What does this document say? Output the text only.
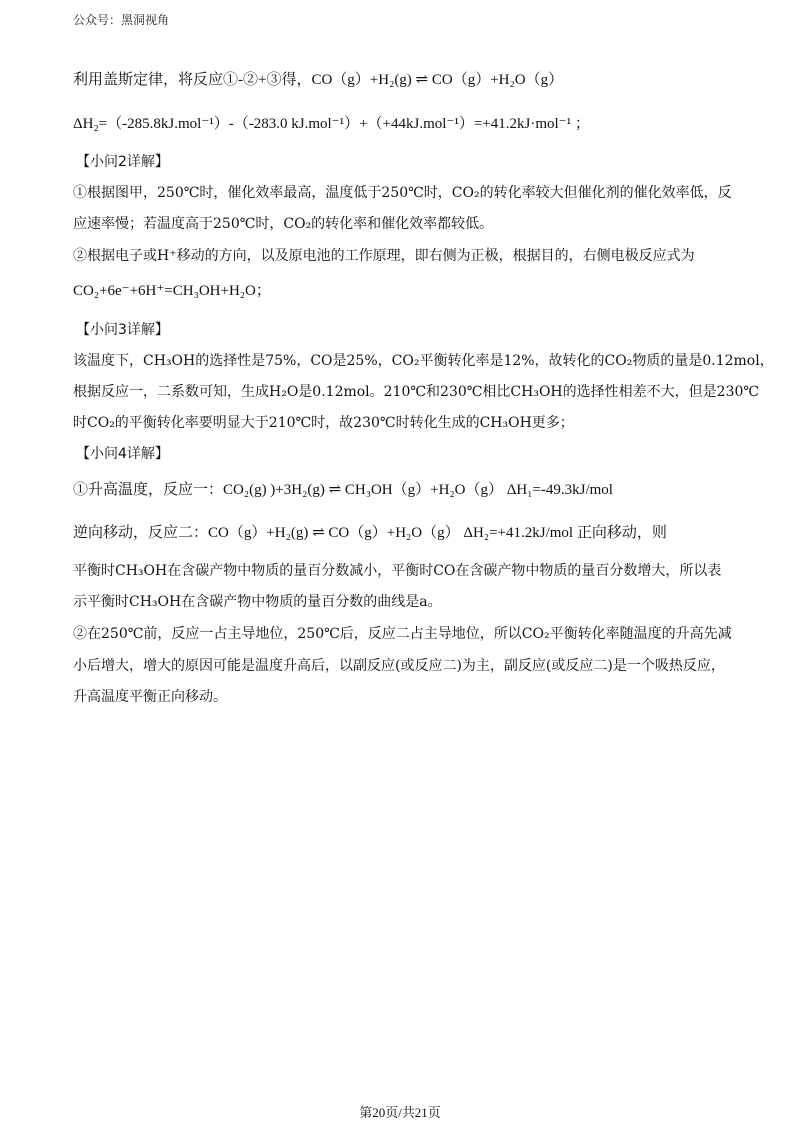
公众号：黑洞视角
利用盖斯定律，将反应①-②+③得，CO（g）+H₂(g) ⇌ CO（g）+H₂O（g）
ΔH₂=（-285.8kJ.mol⁻¹）-（-283.0 kJ.mol⁻¹）+（+44kJ.mol⁻¹）=+41.2kJ·mol⁻¹ ；
【小问2详解】
①根据图甲，250℃时，催化效率最高，温度低于250℃时，CO₂的转化率较大但催化剂的催化效率低，反
应速率慢；若温度高于250℃时，CO₂的转化率和催化效率都较低。
②根据电子或H⁺移动的方向，以及原电池的工作原理，即右侧为正极，根据目的，右侧电极反应式为
CO₂+6e⁻+6H⁺=CH₃OH+H₂O；
【小问3详解】
该温度下，CH₃OH的选择性是75%，CO是25%，CO₂平衡转化率是12%，故转化的CO₂物质的量是0.12mol，
根据反应一，二系数可知，生成H₂O是0.12mol。210℃和230℃相比CH₃OH的选择性相差不大，但是230℃
时CO₂的平衡转化率要明显大于210℃时，故230℃时转化生成的CH₃OH更多；
【小问4详解】
①升高温度，反应一：CO₂(g) )+3H₂(g) ⇌ CH₃OH（g）+H₂O（g） ΔH₁=-49.3kJ/mol
逆向移动，反应二：CO（g）+H₂(g) ⇌ CO（g）+H₂O（g） ΔH₂=+41.2kJ/mol 正向移动，则
平衡时CH₃OH在含碳产物中物质的量百分数减小，平衡时CO在含碳产物中物质的量百分数增大，所以表
示平衡时CH₃OH在含碳产物中物质的量百分数的曲线是a。
②在250℃前，反应一占主导地位，250℃后，反应二占主导地位，所以CO₂平衡转化率随温度的升高先减
小后增大，增大的原因可能是温度升高后，以副反应(或反应二)为主，副反应(或反应二)是一个吸热反应，
升高温度平衡正向移动。
第20页/共21页
